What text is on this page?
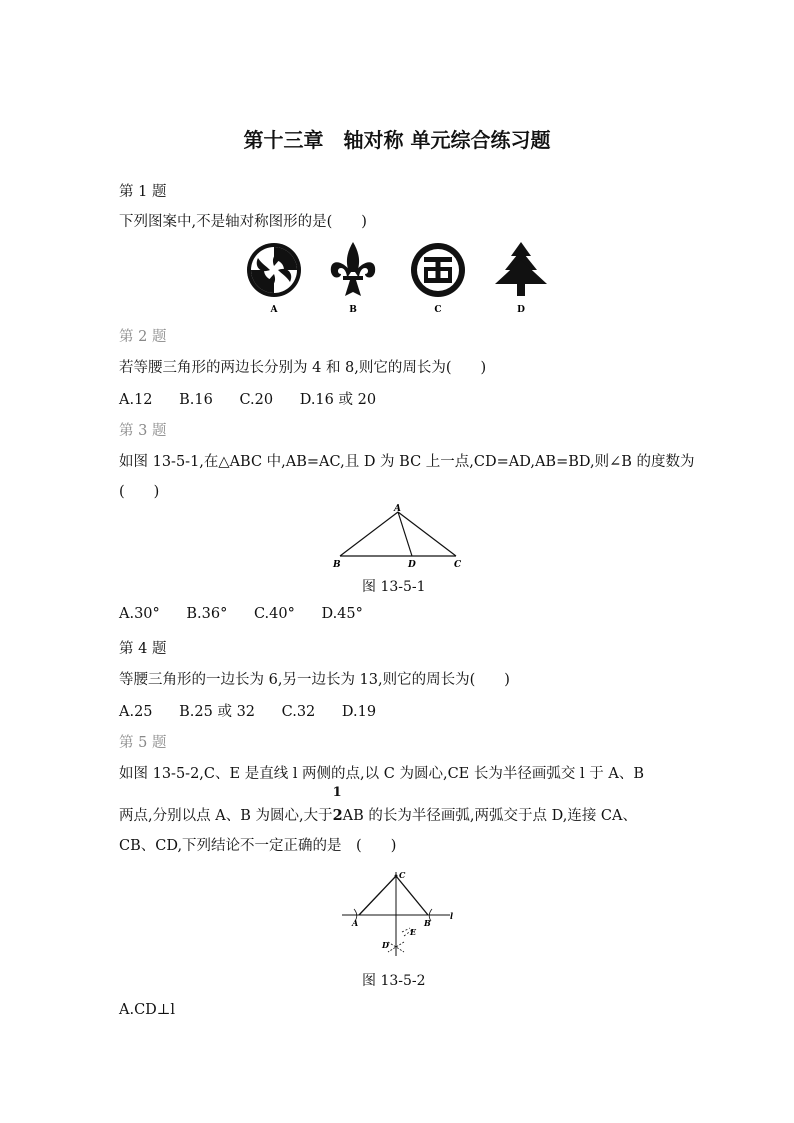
第十三章　轴对称 单元综合练习题
第 1 题
下列图案中,不是轴对称图形的是(　　)
A	B	C	D
第 2 题
若等腰三角形的两边长分别为 4 和 8,则它的周长为(　　)
A.12 B.16 C.20 D.16 或 20
第 3 题
如图 13-5-1,在△ABC 中,AB=AC,且 D 为 BC 上一点,CD=AD,AB=BD,则∠B 的度数为
(　　)
A
B	D	C
图 13-5-1
A.30° B.36° C.40° D.45°
第 4 题
等腰三角形的一边长为 6,另一边长为 13,则它的周长为(　　)
A.25 B.25 或 32 C.32 D.19
第 5 题
如图 13-5-2,C、E 是直线 l 两侧的点,以 C 为圆心,CE 长为半径画弧交 l 于 A、B
两点,分别以点 A、B 为圆心,大于
1
2AB 的长为半径画弧,两弧交于点 D,连接 CA、
CB、CD,下列结论不一定正确的是　(　　)
C
A	B
E
D
l
图 13-5-2
A.CD⊥l
